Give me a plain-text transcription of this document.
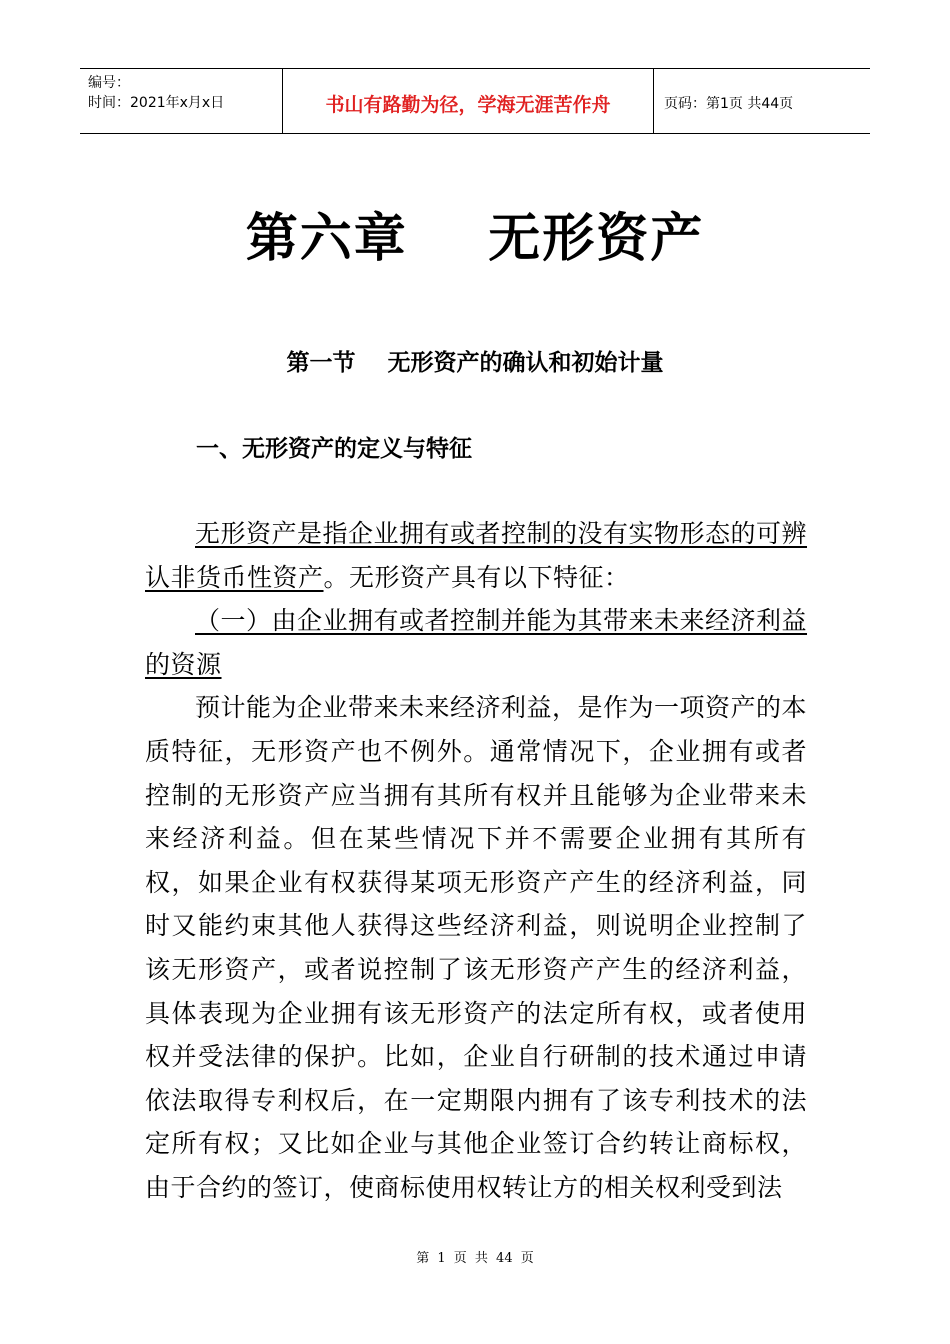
编号：
时间：2021年x月x日	书山有路勤为径，学海无涯苦作舟	页码：第1页 共44页
第六章    无形资产
第一节    无形资产的确认和初始计量
一、无形资产的定义与特征

无形资产是指企业拥有或者控制的没有实物形态的可辨认非货币性资产。无形资产具有以下特征：

（一）由企业拥有或者控制并能为其带来未来经济利益的资源

预计能为企业带来未来经济利益，是作为一项资产的本质特征，无形资产也不例外。通常情况下，企业拥有或者控制的无形资产应当拥有其所有权并且能够为企业带来未来经济利益。但在某些情况下并不需要企业拥有其所有权，如果企业有权获得某项无形资产产生的经济利益，同时又能约束其他人获得这些经济利益，则说明企业控制了该无形资产，或者说控制了该无形资产产生的经济利益，具体表现为企业拥有该无形资产的法定所有权，或者使用权并受法律的保护。比如，企业自行研制的技术通过申请依法取得专利权后，在一定期限内拥有了该专利技术的法定所有权；又比如企业与其他企业签订合约转让商标权，由于合约的签订，使商标使用权转让方的相关权利受到法

第 1 页 共 44 页
